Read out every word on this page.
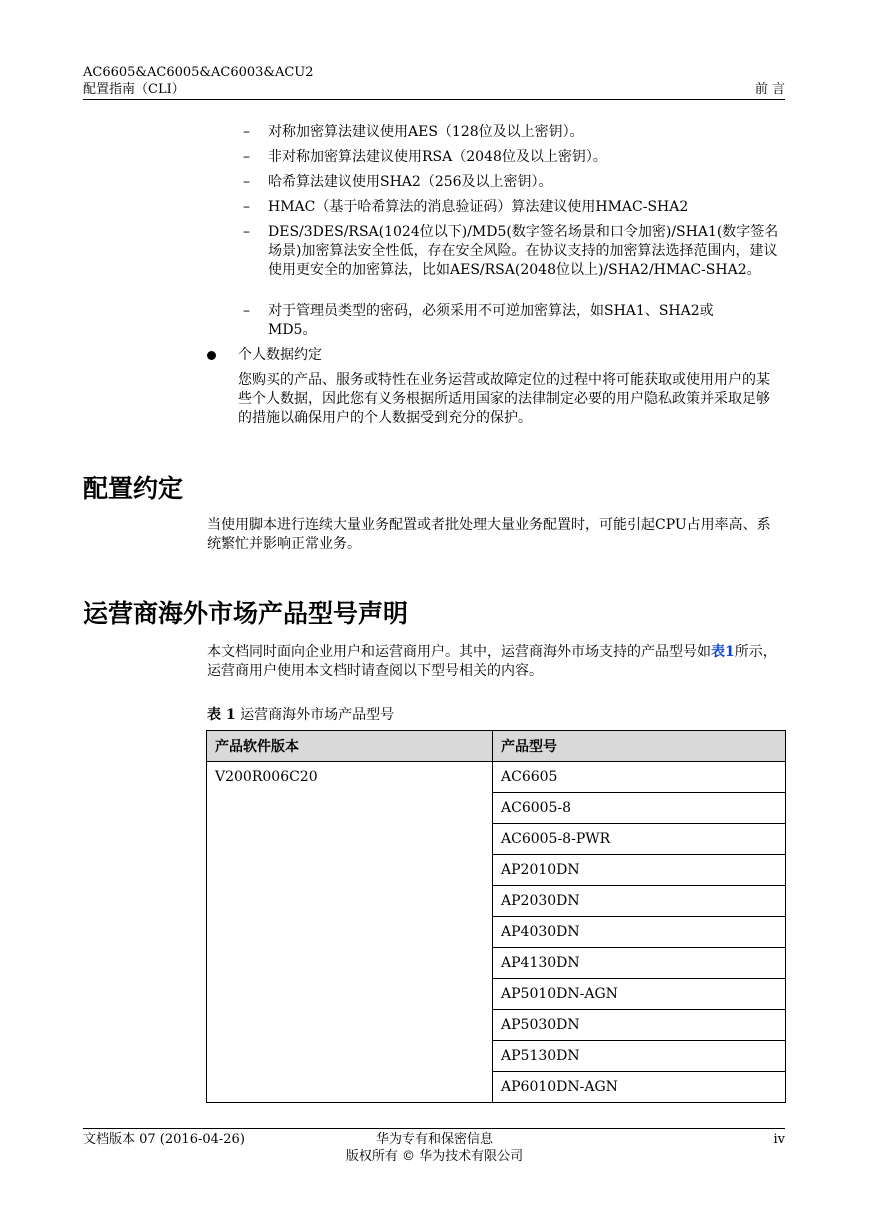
AC6605&AC6005&AC6003&ACU2
配置指南（CLI）	前 言
– 对称加密算法建议使用AES（128位及以上密钥）。
– 非对称加密算法建议使用RSA（2048位及以上密钥）。
– 哈希算法建议使用SHA2（256及以上密钥）。
– HMAC（基于哈希算法的消息验证码）算法建议使用HMAC-SHA2
– DES/3DES/RSA(1024位以下)/MD5(数字签名场景和口令加密)/SHA1(数字签名场景)加密算法安全性低，存在安全风险。在协议支持的加密算法选择范围内，建议使用更安全的加密算法，比如AES/RSA(2048位以上)/SHA2/HMAC-SHA2。
– 对于管理员类型的密码，必须采用不可逆加密算法，如SHA1、SHA2或MD5。
个人数据约定
您购买的产品、服务或特性在业务运营或故障定位的过程中将可能获取或使用用户的某些个人数据，因此您有义务根据所适用国家的法律制定必要的用户隐私政策并采取足够的措施以确保用户的个人数据受到充分的保护。
配置约定
当使用脚本进行连续大量业务配置或者批处理大量业务配置时，可能引起CPU占用率高、系统繁忙并影响正常业务。
运营商海外市场产品型号声明
本文档同时面向企业用户和运营商用户。其中，运营商海外市场支持的产品型号如表1所示，运营商用户使用本文档时请查阅以下型号相关的内容。
表 1 运营商海外市场产品型号
产品软件版本	产品型号
V200R006C20	AC6605
	AC6005-8
	AC6005-8-PWR
	AP2010DN
	AP2030DN
	AP4030DN
	AP4130DN
	AP5010DN-AGN
	AP5030DN
	AP5130DN
	AP6010DN-AGN
文档版本 07 (2016-04-26)	华为专有和保密信息
版权所有 © 华为技术有限公司
iv
